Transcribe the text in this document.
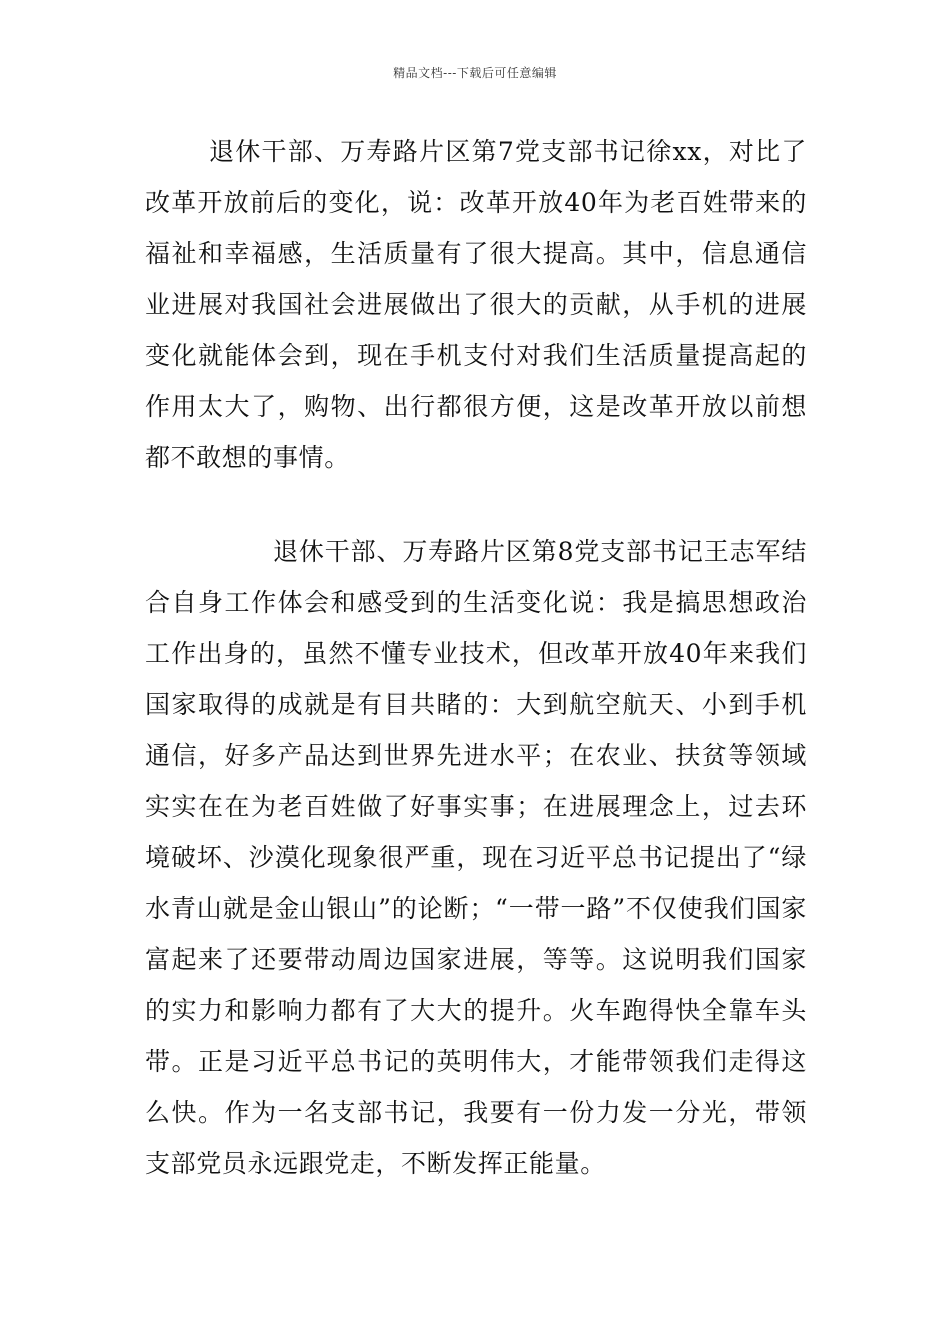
精品文档---下载后可任意编辑

退休干部、万寿路片区第7党支部书记徐xx，对比了改革开放前后的变化，说：改革开放40年为老百姓带来的福祉和幸福感，生活质量有了很大提高。其中，信息通信业进展对我国社会进展做出了很大的贡献，从手机的进展变化就能体会到，现在手机支付对我们生活质量提高起的作用太大了，购物、出行都很方便，这是改革开放以前想都不敢想的事情。

退休干部、万寿路片区第8党支部书记王志军结合自身工作体会和感受到的生活变化说：我是搞思想政治工作出身的，虽然不懂专业技术，但改革开放40年来我们国家取得的成就是有目共睹的：大到航空航天、小到手机通信，好多产品达到世界先进水平；在农业、扶贫等领域实实在在为老百姓做了好事实事；在进展理念上，过去环境破坏、沙漠化现象很严重，现在习近平总书记提出了“绿水青山就是金山银山”的论断；“一带一路”不仅使我们国家富起来了还要带动周边国家进展，等等。这说明我们国家的实力和影响力都有了大大的提升。火车跑得快全靠车头带。正是习近平总书记的英明伟大，才能带领我们走得这么快。作为一名支部书记，我要有一份力发一分光，带领支部党员永远跟党走，不断发挥正能量。
